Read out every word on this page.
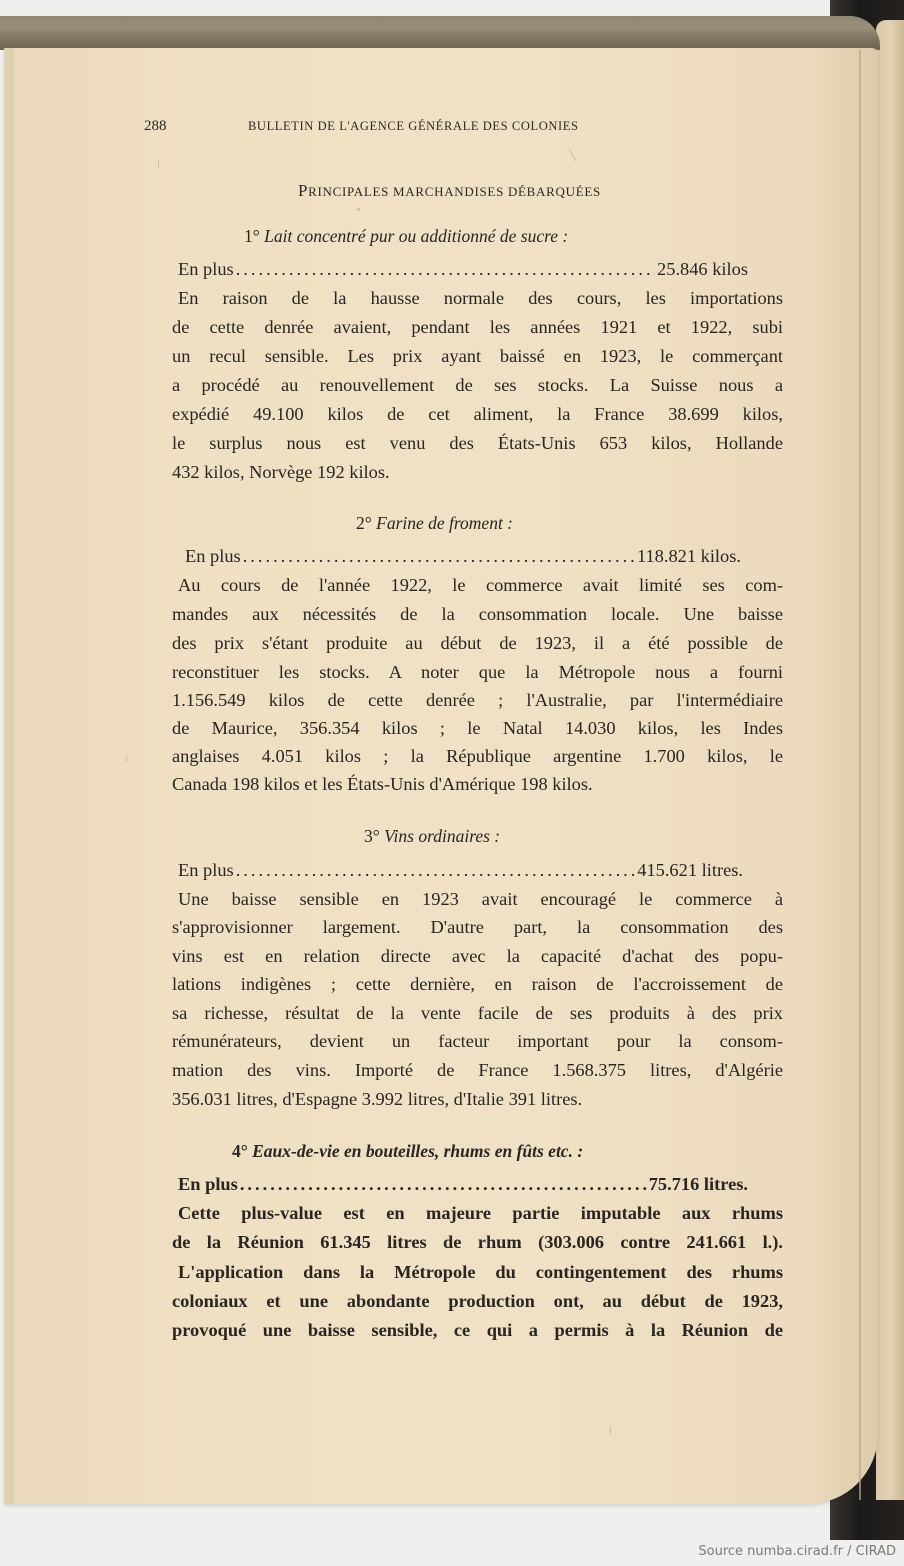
288	BULLETIN DE L'AGENCE GÉNÉRALE DES COLONIES
PRINCIPALES MARCHANDISES DÉBARQUÉES
1° Lait concentré pur ou additionné de sucre :
En plus .....	25.846 kilos
En raison de la hausse normale des cours, les importations
de cette denrée avaient, pendant les années 1921 et 1922, subi
un recul sensible. Les prix ayant baissé en 1923, le commerçant
a procédé au renouvellement de ses stocks. La Suisse nous a
expédié 49.100 kilos de cet aliment, la France 38.699 kilos,
le surplus nous est venu des États-Unis 653 kilos, Hollande
432 kilos, Norvège 192 kilos.
2° Farine de froment :
En plus .....	118.821 kilos.
Au cours de l'année 1922, le commerce avait limité ses com-
mandes aux nécessités de la consommation locale. Une baisse
des prix s'étant produite au début de 1923, il a été possible de
reconstituer les stocks. A noter que la Métropole nous a fourni
1.156.549 kilos de cette denrée ; l'Australie, par l'intermédiaire
de Maurice, 356.354 kilos ; le Natal 14.030 kilos, les Indes
anglaises 4.051 kilos ; la République argentine 1.700 kilos, le
Canada 198 kilos et les États-Unis d'Amérique 198 kilos.
3° Vins ordinaires :
En plus .....	415.621 litres.
Une baisse sensible en 1923 avait encouragé le commerce à
s'approvisionner largement. D'autre part, la consommation des
vins est en relation directe avec la capacité d'achat des popu-
lations indigènes ; cette dernière, en raison de l'accroissement de
sa richesse, résultat de la vente facile de ses produits à des prix
rémunérateurs, devient un facteur important pour la consom-
mation des vins. Importé de France 1.568.375 litres, d'Algérie
356.031 litres, d'Espagne 3.992 litres, d'Italie 391 litres.
4° Eaux-de-vie en bouteilles, rhums en fûts etc. :
En plus .....	75.716 litres.
Cette plus-value est en majeure partie imputable aux rhums
de la Réunion 61.345 litres de rhum (303.006 contre 241.661 l.).
L'application dans la Métropole du contingentement des rhums
coloniaux et une abondante production ont, au début de 1923,
provoqué une baisse sensible, ce qui a permis à la Réunion de
Source numba.cirad.fr / CIRAD
